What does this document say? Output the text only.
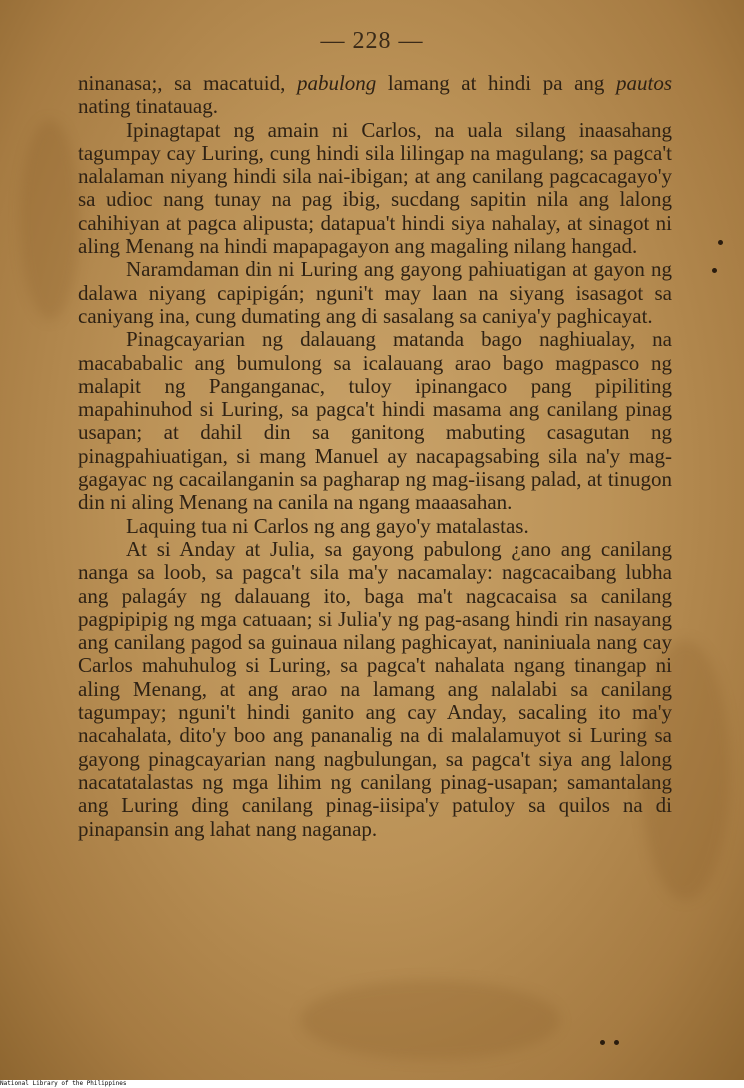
— 228 —

ninanasa;, sa macatuid, pabulong lamang at hindi pa ang pautos nating tinatauag.

Ipinagtapat ng amain ni Carlos, na uala silang inaasahang tagumpay cay Luring, cung hindi sila lilingap na magulang; sa pagca't nalalaman niyang hindi sila nai-ibigan; at ang canilang pagcacagayo'y sa udioc nang tunay na pag ibig, sucdang sapitin nila ang lalong cahihiyan at pagca alipusta; datapua't hindi siya nahalay, at sinagot ni aling Menang na hindi mapapagayon ang magaling nilang hangad.

Naramdaman din ni Luring ang gayong pahiuatigan at gayon ng dalawa niyang capipigán; nguni't may laan na siyang isasagot sa caniyang ina, cung dumating ang di sasalang sa caniya'y paghicayat.

Pinagcayarian ng dalauang matanda bago naghiualay, na macababalic ang bumulong sa icalauang arao bago magpasco ng malapit ng Panganganac, tuloy ipinangaco pang pipiliting mapahinuhod si Luring, sa pagca't hindi masama ang canilang pinag usapan; at dahil din sa ganitong mabuting casagutan ng pinagpahiuatigan, si mang Manuel ay nacapagsabing sila na'y mag-gagayac ng cacailanganin sa pagharap ng mag-iisang palad, at tinugon din ni aling Menang na canila na ngang maaasahan.

Laquing tua ni Carlos ng ang gayo'y matalastas.

At si Anday at Julia, sa gayong pabulong ¿ano ang canilang nanga sa loob, sa pagca't sila ma'y nacamalay: nagcacaibang lubha ang palagáy ng dalauang ito, baga ma't nagcacaisa sa canilang pagpipipig ng mga catuaan; si Julia'y ng pag-asang hindi rin nasayang ang canilang pagod sa guinaua nilang paghicayat, naniniuala nang cay Carlos mahuhulog si Luring, sa pagca't nahalata ngang tinangap ni aling Menang, at ang arao na lamang ang nalalabi sa canilang tagumpay; nguni't hindi ganito ang cay Anday, sacaling ito ma'y nacahalata, dito'y boo ang pananalig na di malalamuyot si Luring sa gayong pinagcayarian nang nagbulungan, sa pagca't siya ang lalong nacatatalastas ng mga lihim ng canilang pinag-usapan; samantalang ang Luring ding canilang pinag-iisipa'y patuloy sa quilos na di pinapansin ang lahat nang naganap.

National Library of the Philippines
